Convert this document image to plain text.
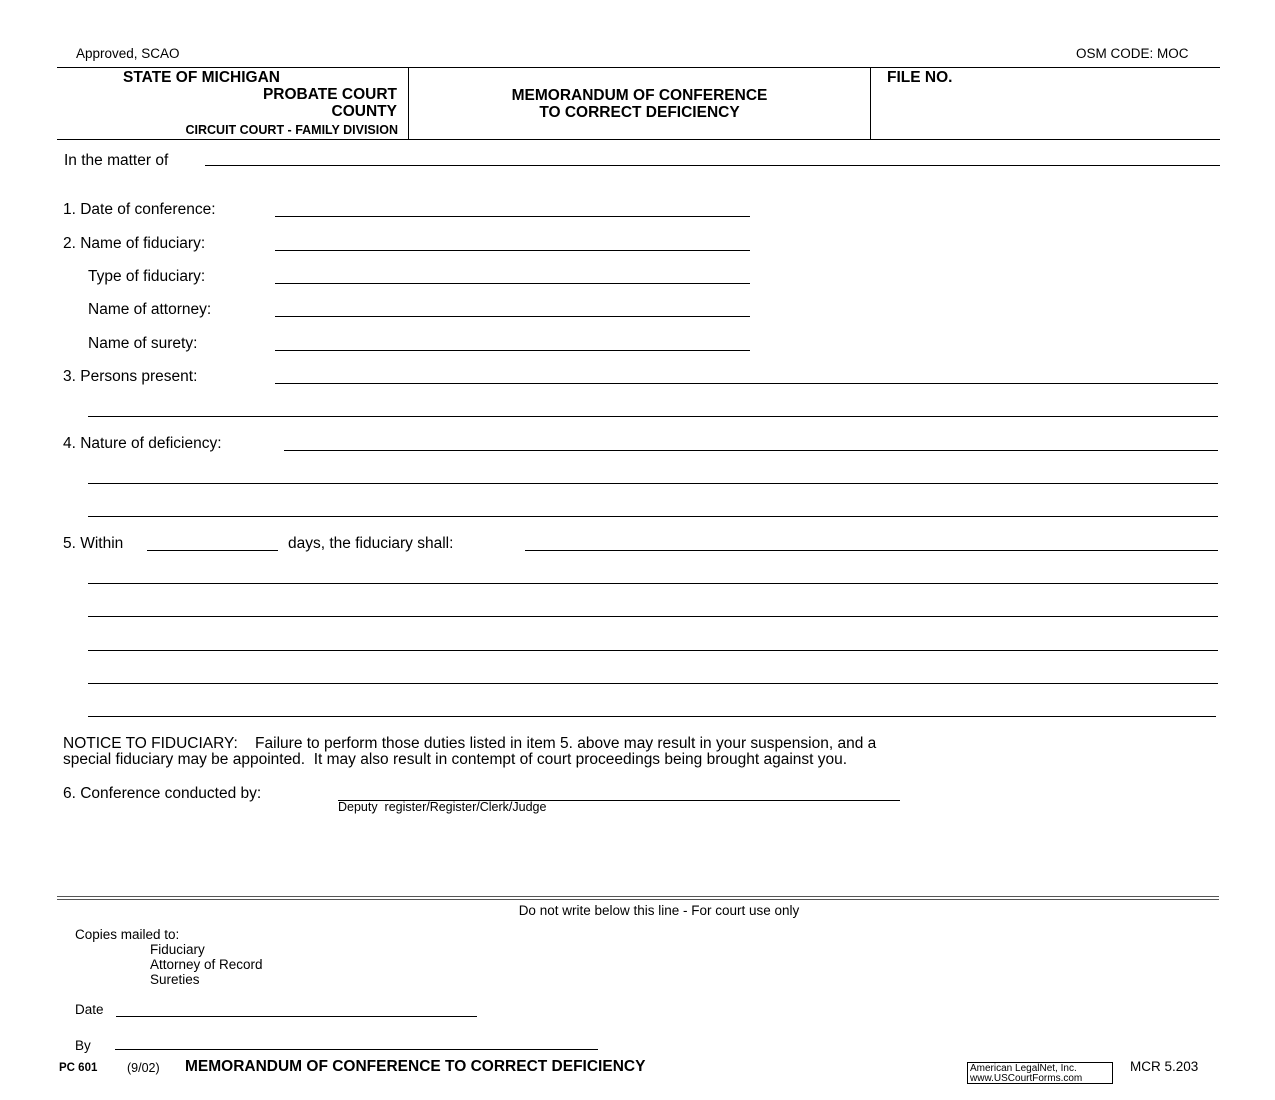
Approved, SCAO	OSM CODE: MOC
STATE OF MICHIGAN
PROBATE COURT
COUNTY
CIRCUIT COURT - FAMILY DIVISION
MEMORANDUM OF CONFERENCE
TO CORRECT DEFICIENCY
FILE NO.
In the matter of
1. Date of conference:
2. Name of fiduciary:
Type of fiduciary:
Name of attorney:
Name of surety:
3. Persons present:
4. Nature of deficiency:
5. Within	days, the fiduciary shall:
NOTICE TO FIDUCIARY:    Failure to perform those duties listed in item 5. above may result in your suspension, and a
special fiduciary may be appointed.  It may also result in contempt of court proceedings being brought against you.
6. Conference conducted by:
Deputy  register/Register/Clerk/Judge
Do not write below this line - For court use only
Copies mailed to:
Fiduciary
Attorney of Record
Sureties
Date
By
PC 601 (9/02) MEMORANDUM OF CONFERENCE TO CORRECT DEFICIENCY	American LegalNet, Inc.
www.USCourtForms.com
MCR 5.203
